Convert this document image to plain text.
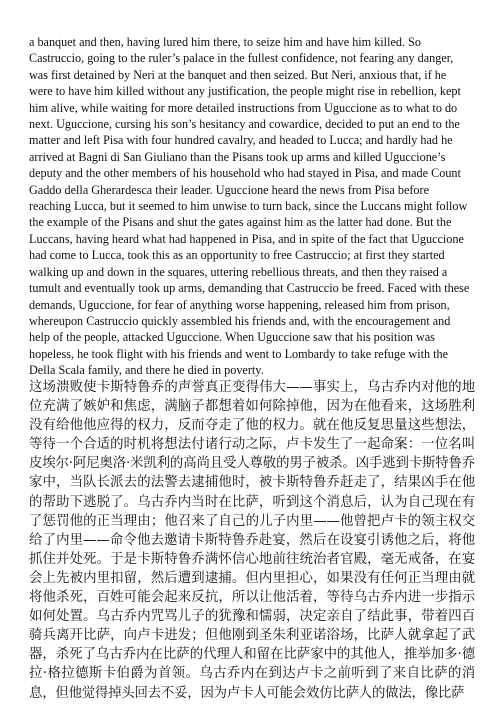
a banquet and then, having lured him there, to seize him and have him killed. So Castruccio, going to the ruler’s palace in the fullest confidence, not fearing any danger, was first detained by Neri at the banquet and then seized. But Neri, anxious that, if he were to have him killed without any justification, the people might rise in rebellion, kept him alive, while waiting for more detailed instructions from Uguccione as to what to do next. Uguccione, cursing his son’s hesitancy and cowardice, decided to put an end to the matter and left Pisa with four hundred cavalry, and headed to Lucca; and hardly had he arrived at Bagni di San Giuliano than the Pisans took up arms and killed Uguccione’s deputy and the other members of his household who had stayed in Pisa, and made Count Gaddo della Gherardesca their leader. Uguccione heard the news from Pisa before reaching Lucca, but it seemed to him unwise to turn back, since the Luccans might follow the example of the Pisans and shut the gates against him as the latter had done. But the Luccans, having heard what had happened in Pisa, and in spite of the fact that Uguccione had come to Lucca, took this as an opportunity to free Castruccio; at first they started walking up and down in the squares, uttering rebellious threats, and then they raised a tumult and eventually took up arms, demanding that Castruccio be freed. Faced with these demands, Uguccione, for fear of anything worse happening, released him from prison, whereupon Castruccio quickly assembled his friends and, with the encouragement and help of the people, attacked Uguccione. When Uguccione saw that his position was hopeless, he took flight with his friends and went to Lombardy to take refuge with the Della Scala family, and there he died in poverty.

这场溃败使卡斯特鲁乔的声誉真正变得伟大——事实上，乌古乔内对他的地位充满了嫉妒和焦虑，满脑子都想着如何除掉他，因为在他看来，这场胜利没有给他他应得的权力，反而夺走了他的权力。就在他反复思量这些想法，等待一个合适的时机将想法付诸行动之际，卢卡发生了一起命案：一位名叫皮埃尔·阿尼奥洛·米凯利的高尚且受人尊敬的男子被杀。凶手逃到卡斯特鲁乔家中，当队长派去的法警去逮捕他时，被卡斯特鲁乔赶走了，结果凶手在他的帮助下逃脱了。乌古乔内当时在比萨，听到这个消息后，认为自己现在有了惩罚他的正当理由；他召来了自己的儿子内里——他曾把卢卡的领主权交给了内里——命令他去邀请卡斯特鲁乔赴宴，然后在设宴引诱他之后，将他抓住并处死。于是卡斯特鲁乔满怀信心地前往统治者官殿，毫无戒备，在宴会上先被内里扣留，然后遭到逮捕。但内里担心，如果没有任何正当理由就将他杀死，百姓可能会起来反抗，所以让他活着，等待乌古乔内进一步指示如何处置。乌古乔内咒骂儿子的犹豫和懦弱，决定亲自了结此事，带着四百骑兵离开比萨，向卢卡进发；但他刚到圣朱利亚诺浴场，比萨人就拿起了武器，杀死了乌古乔内在比萨的代理人和留在比萨家中的其他人，推举加多·德拉·格拉德斯卡伯爵为首领。乌古乔内在到达卢卡之前听到了来自比萨的消息，但他觉得掉头回去不妥，因为卢卡人可能会效仿比萨人的做法，像比萨
